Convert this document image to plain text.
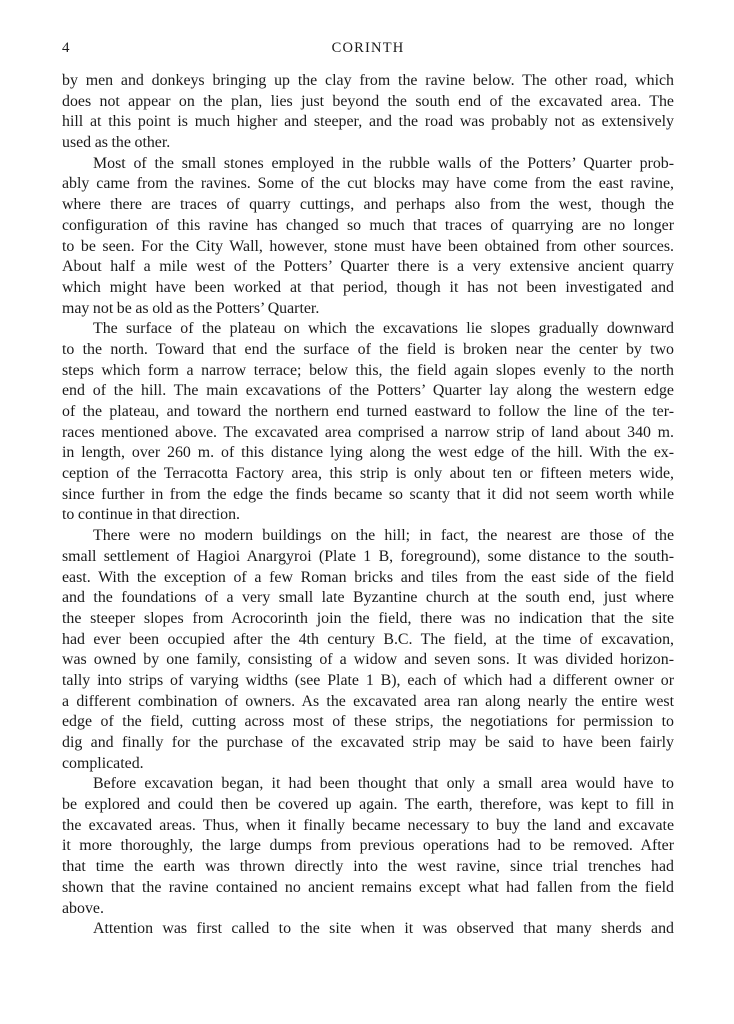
4	CORINTH
by men and donkeys bringing up the clay from the ravine below. The other road, which
does not appear on the plan, lies just beyond the south end of the excavated area. The
hill at this point is much higher and steeper, and the road was probably not as extensively
used as the other.
Most of the small stones employed in the rubble walls of the Potters’ Quarter prob-
ably came from the ravines. Some of the cut blocks may have come from the east ravine,
where there are traces of quarry cuttings, and perhaps also from the west, though the
configuration of this ravine has changed so much that traces of quarrying are no longer
to be seen. For the City Wall, however, stone must have been obtained from other sources.
About half a mile west of the Potters’ Quarter there is a very extensive ancient quarry
which might have been worked at that period, though it has not been investigated and
may not be as old as the Potters’ Quarter.
The surface of the plateau on which the excavations lie slopes gradually downward
to the north. Toward that end the surface of the field is broken near the center by two
steps which form a narrow terrace; below this, the field again slopes evenly to the north
end of the hill. The main excavations of the Potters’ Quarter lay along the western edge
of the plateau, and toward the northern end turned eastward to follow the line of the ter-
races mentioned above. The excavated area comprised a narrow strip of land about 340 m.
in length, over 260 m. of this distance lying along the west edge of the hill. With the ex-
ception of the Terracotta Factory area, this strip is only about ten or fifteen meters wide,
since further in from the edge the finds became so scanty that it did not seem worth while
to continue in that direction.
There were no modern buildings on the hill; in fact, the nearest are those of the
small settlement of Hagioi Anargyroi (Plate 1 B, foreground), some distance to the south-
east. With the exception of a few Roman bricks and tiles from the east side of the field
and the foundations of a very small late Byzantine church at the south end, just where
the steeper slopes from Acrocorinth join the field, there was no indication that the site
had ever been occupied after the 4th century B.C. The field, at the time of excavation,
was owned by one family, consisting of a widow and seven sons. It was divided horizon-
tally into strips of varying widths (see Plate 1 B), each of which had a different owner or
a different combination of owners. As the excavated area ran along nearly the entire west
edge of the field, cutting across most of these strips, the negotiations for permission to
dig and finally for the purchase of the excavated strip may be said to have been fairly
complicated.
Before excavation began, it had been thought that only a small area would have to
be explored and could then be covered up again. The earth, therefore, was kept to fill in
the excavated areas. Thus, when it finally became necessary to buy the land and excavate
it more thoroughly, the large dumps from previous operations had to be removed. After
that time the earth was thrown directly into the west ravine, since trial trenches had
shown that the ravine contained no ancient remains except what had fallen from the field
above.
Attention was first called to the site when it was observed that many sherds and
